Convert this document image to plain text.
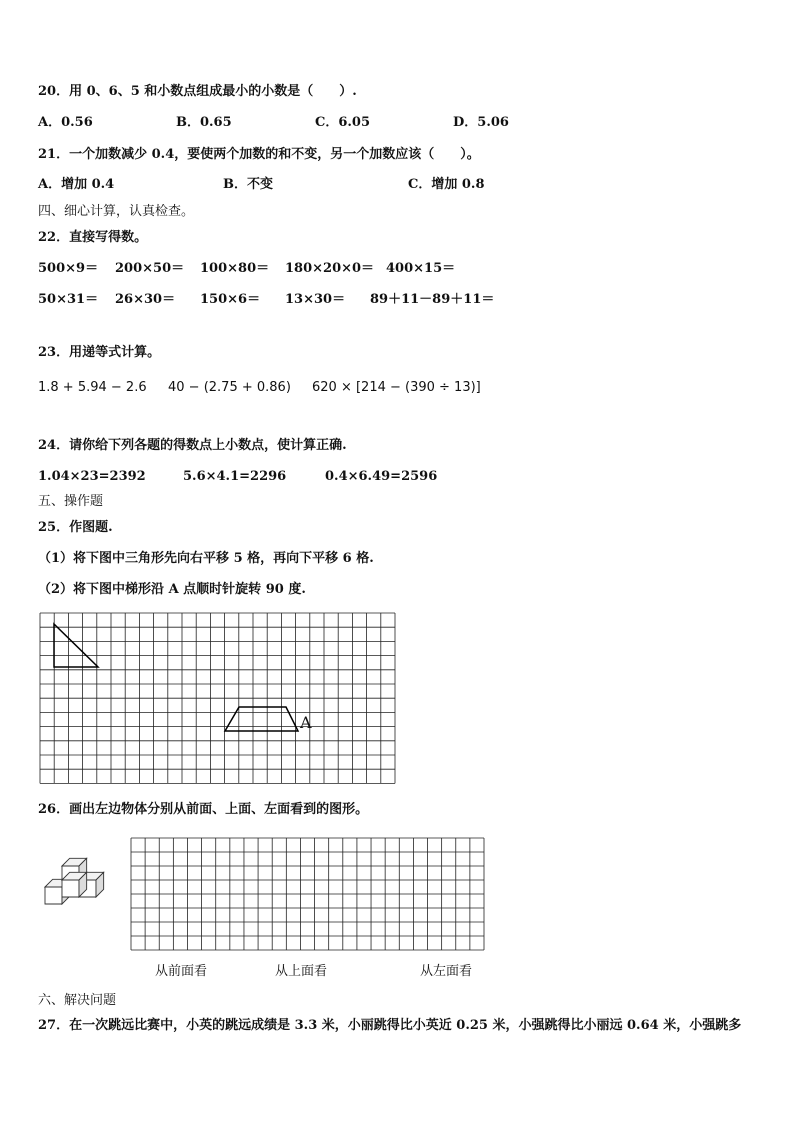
20．用 0、6、5 和小数点组成最小的小数是（　　）.
A．0.56	B．0.65	C．6.05	D．5.06
21．一个加数减少 0.4，要使两个加数的和不变，另一个加数应该（　　）。
A．增加 0.4	B．不变	C．增加 0.8
四、细心计算，认真检查。
22．直接写得数。
500×9＝ 200×50＝ 100×80＝ 180×20×0＝ 400×15＝
50×31＝ 26×30＝ 150×6＝ 13×30＝ 89＋11－89＋11＝
23．用递等式计算。
1.8 + 5.94 − 2.6 40 − (2.75 + 0.86) 620 × [214 − (390 ÷ 13)]
24．请你给下列各题的得数点上小数点，使计算正确.
1.04×23=2392	5.6×4.1=2296	0.4×6.49=2596
五、操作题
25．作图题.
（1）将下图中三角形先向右平移 5 格，再向下平移 6 格.
（2）将下图中梯形沿 A 点顺时针旋转 90 度.
A
26．画出左边物体分别从前面、上面、左面看到的图形。
从前面看	从上面看	从左面看
六、解决问题
27．在一次跳远比赛中，小英的跳远成绩是 3.3 米，小丽跳得比小英近 0.25 米，小强跳得比小丽远 0.64 米，小强跳多
